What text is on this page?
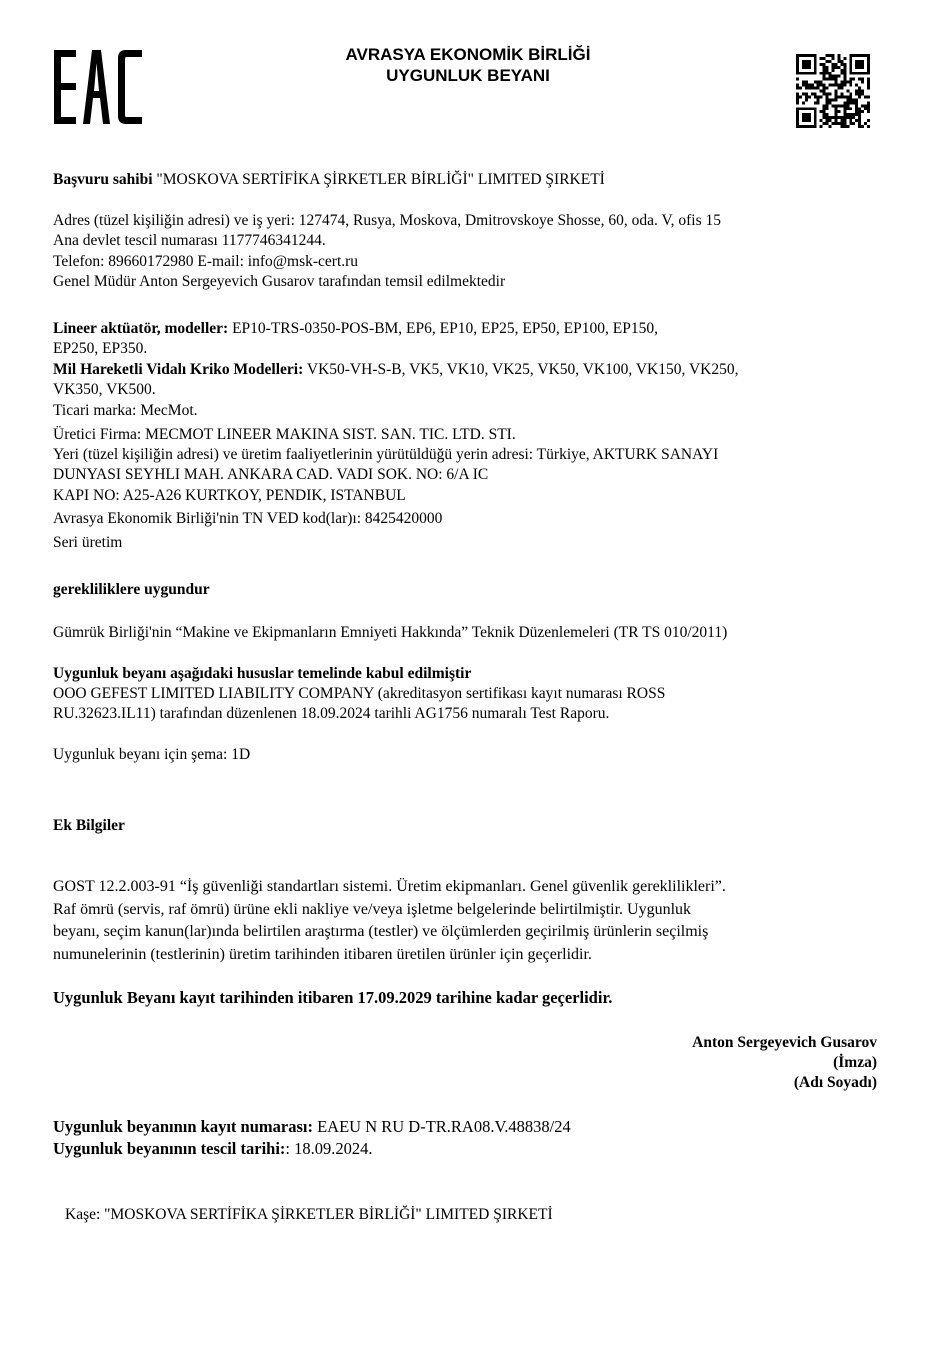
AVRASYA EKONOMİK BİRLİĞİ
UYGUNLUK BEYANI
Başvuru sahibi "MOSKOVA SERTİFİKA ŞİRKETLER BİRLİĞİ" LIMITED ŞIRKETİ
Adres (tüzel kişiliğin adresi) ve iş yeri: 127474, Rusya, Moskova, Dmitrovskoye Shosse, 60, oda. V, ofis 15
Ana devlet tescil numarası 1177746341244.
Telefon: 89660172980 E-mail: info@msk-cert.ru
Genel Müdür Anton Sergeyevich Gusarov tarafından temsil edilmektedir
Lineer aktüatör, modeller: EP10-TRS-0350-POS-BM, EP6, EP10, EP25, EP50, EP100, EP150,
EP250, EP350.
Mil Hareketli Vidalı Kriko Modelleri: VK50-VH-S-B, VK5, VK10, VK25, VK50, VK100, VK150, VK250,
VK350, VK500.
Ticari marka: MecMot.
Üretici Firma: MECMOT LINEER MAKINA SIST. SAN. TIC. LTD. STI.
Yeri (tüzel kişiliğin adresi) ve üretim faaliyetlerinin yürütüldüğü yerin adresi: Türkiye, AKTURK SANAYI
DUNYASI SEYHLI MAH. ANKARA CAD. VADI SOK. NO: 6/A IC
KAPI NO: A25-A26 KURTKOY, PENDIK, ISTANBUL
Avrasya Ekonomik Birliği'nin TN VED kod(lar)ı: 8425420000
Seri üretim
gerekliliklere uygundur
Gümrük Birliği'nin “Makine ve Ekipmanların Emniyeti Hakkında” Teknik Düzenlemeleri (TR TS 010/2011)
Uygunluk beyanı aşağıdaki hususlar temelinde kabul edilmiştir
OOO GEFEST LIMITED LIABILITY COMPANY (akreditasyon sertifikası kayıt numarası ROSS
RU.32623.IL11) tarafından düzenlenen 18.09.2024 tarihli AG1756 numaralı Test Raporu.
Uygunluk beyanı için şema: 1D
Ek Bilgiler
GOST 12.2.003-91 “İş güvenliği standartları sistemi. Üretim ekipmanları. Genel güvenlik gereklilikleri”.
Raf ömrü (servis, raf ömrü) ürüne ekli nakliye ve/veya işletme belgelerinde belirtilmiştir. Uygunluk
beyanı, seçim kanun(lar)ında belirtilen araştırma (testler) ve ölçümlerden geçirilmiş ürünlerin seçilmiş
numunelerinin (testlerinin) üretim tarihinden itibaren üretilen ürünler için geçerlidir.
Uygunluk Beyanı kayıt tarihinden itibaren 17.09.2029 tarihine kadar geçerlidir.
Anton Sergeyevich Gusarov
(İmza)
(Adı Soyadı)
Uygunluk beyanının kayıt numarası: EAEU N RU D-TR.RA08.V.48838/24
Uygunluk beyanının tescil tarihi:: 18.09.2024.
Kaşe: "MOSKOVA SERTİFİKA ŞİRKETLER BİRLİĞİ" LIMITED ŞIRKETİ
